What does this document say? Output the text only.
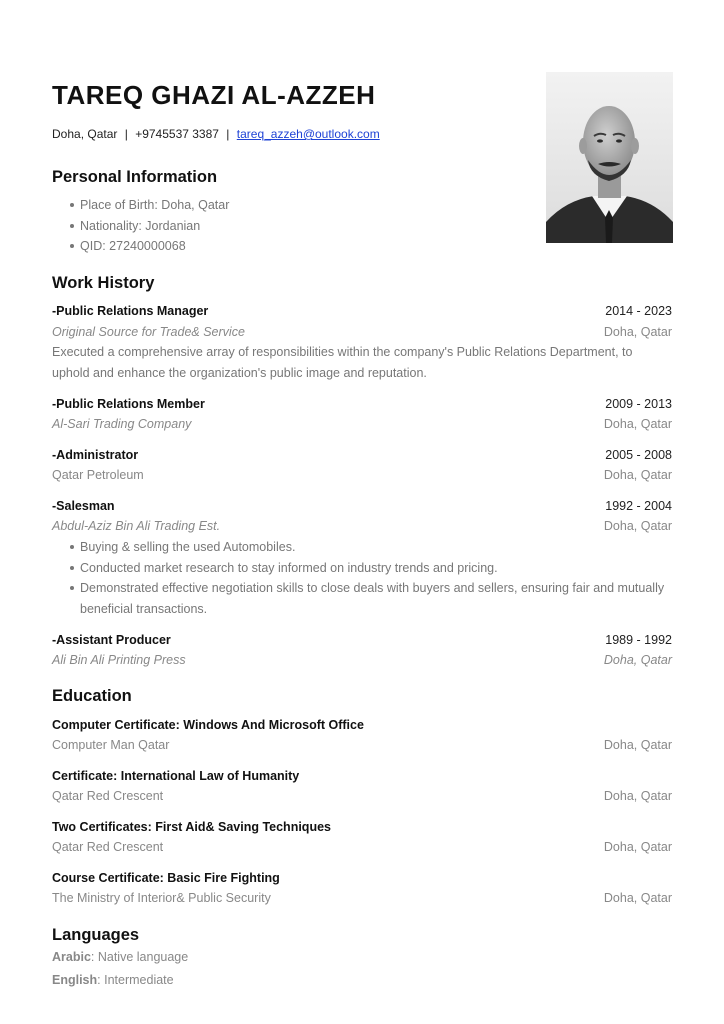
TAREQ GHAZI AL-AZZEH
Doha, Qatar | +9745537 3387 | tareq_azzeh@outlook.com
Personal Information
Place of Birth: Doha, Qatar
Nationality: Jordanian
QID: 27240000068
Work History
-Public Relations Manager	2014 - 2023
Original Source for Trade& Service	Doha, Qatar

Executed a comprehensive array of responsibilities within the company's Public Relations Department, to uphold and enhance the organization's public image and reputation.

-Public Relations Member	2009 - 2013
Al-Sari Trading Company	Doha, Qatar
-Administrator	2005 - 2008
Qatar Petroleum	Doha, Qatar
-Salesman	1992 - 2004
Abdul-Aziz Bin Ali Trading Est.	Doha, Qatar
Buying & selling the used Automobiles.
Conducted market research to stay informed on industry trends and pricing.
Demonstrated effective negotiation skills to close deals with buyers and sellers, ensuring fair and mutually beneficial transactions.
-Assistant Producer	1989 - 1992
Ali Bin Ali Printing Press	Doha, Qatar
Education
Computer Certificate: Windows And Microsoft Office
Computer Man Qatar	Doha, Qatar
Certificate: International Law of Humanity
Qatar Red Crescent	Doha, Qatar
Two Certificates: First Aid& Saving Techniques
Qatar Red Crescent	Doha, Qatar
Course Certificate: Basic Fire Fighting
The Ministry of Interior& Public Security	Doha, Qatar
Languages
Arabic: Native language
English: Intermediate
